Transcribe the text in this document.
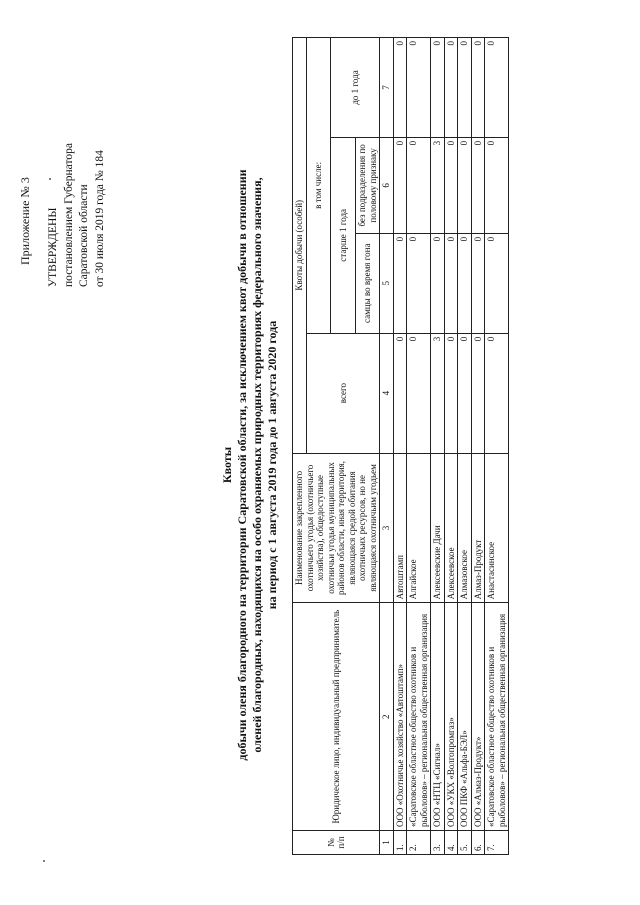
Приложение № 3 УТВЕРЖДЕНЫ постановлением Губернатора Саратовской области от 30 июля 2019 года № 184
Квоты добычи оленя благородного на территории Саратовской области, за исключением квот добычи в отношении оленей благородных, находящихся на особо охраняемых природных территориях федерального значения, на период с 1 августа 2019 года до 1 августа 2020 года
№ п/п	Юридическое лицо, индивидуальный предприниматель	Наименование закрепленного охотничьего угодья (охотничьего хозяйства), общедоступные охотничьи угодья муниципальных районов области, иная территория, являющаяся средой обитания охотничьих ресурсов, но не являющаяся охотничьим угодьем	Квоты добычи (особей)			
			всего	в том числе:		
				старше 1 года		до 1 года
				самцы во время гона	без подразделения по половому признаку	
1	2	3	4	5	6	7
1.	ООО «Охотничье хозяйство «Автоштамп»	Автоштамп	0	0	0	0
2.	«Саратовское областное общество охотников и рыболовов» – региональная общественная организация	Алгайское	0	0	0	0
3.	ООО «НТЦ «Сигнал»	Алексеевские Дачи	3	0	3	0
4.	ООО «УКХ «Волгопромгаз»	Алексеевское	0	0	0	0
5.	ООО ПКФ «Альфа-БЭЛ»	Алмазовское	0	0	0	0
6.	ООО «Алмаз-Продукт»	Алмаз-Продукт	0	0	0	0
7.	«Саратовское областное общество охотников и рыболовов» – региональная общественная организация	Анастасинское	0	0	0	0
